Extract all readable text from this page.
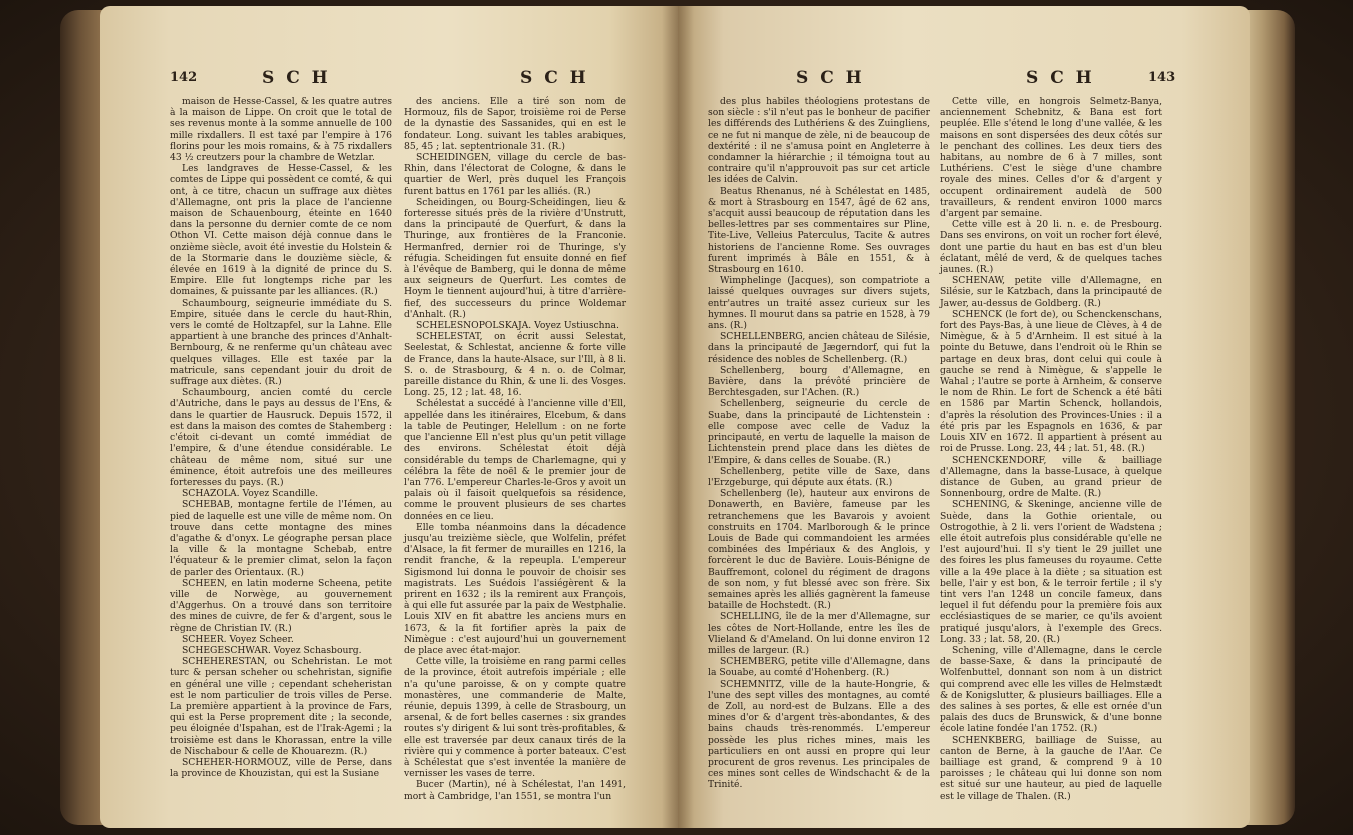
142	S C H	S C H

maison de Hesse-Cassel, & les quatre autres à la maison de Lippe. On croit que le total de ses revenus monte à la somme annuelle de 100 mille rixdallers. Il est taxé par l'empire à 176 florins pour les mois romains, & à 75 rixdallers 43 ½ creutzers pour la chambre de Wetzlar.

Les landgraves de Hesse-Cassel, & les comtes de Lippe qui possèdent ce comté, & qui ont, à ce titre, chacun un suffrage aux diètes d'Allemagne, ont pris la place de l'ancienne maison de Schauenbourg, éteinte en 1640 dans la personne du dernier comte de ce nom Othon VI. Cette maison déjà connue dans le onzième siècle, avoit été investie du Holstein & de la Stormarie dans le douzième siècle, & élevée en 1619 à la dignité de prince du S. Empire. Elle fut longtemps riche par les domaines, & puissante par les alliances. (R.)

Schaumbourg, seigneurie immédiate du S. Empire, située dans le cercle du haut-Rhin, vers le comté de Holtzapfel, sur la Lahne. Elle appartient à une branche des princes d'Anhalt-Bernbourg, & ne renferme qu'un château avec quelques villages. Elle est taxée par la matricule, sans cependant jouir du droit de suffrage aux diètes. (R.)

Schaumbourg, ancien comté du cercle d'Autriche, dans le pays au dessus de l'Ens, & dans le quartier de Hausruck. Depuis 1572, il est dans la maison des comtes de Stahemberg : c'étoit ci-devant un comté immédiat de l'empire, & d'une étendue considérable. Le château de même nom, situé sur une éminence, étoit autrefois une des meilleures forteresses du pays. (R.)

SCHAZOLA. Voyez Scandille.

SCHEBAB, montagne fertile de l'Iémen, au pied de laquelle est une ville de même nom. On trouve dans cette montagne des mines d'agathe & d'onyx. Le géographe persan place la ville & la montagne Schebab, entre l'équateur & le premier climat, selon la façon de parler des Orientaux. (R.)

SCHEEN, en latin moderne Scheena, petite ville de Norwège, au gouvernement d'Aggerhus. On a trouvé dans son territoire des mines de cuivre, de fer & d'argent, sous le règne de Christian IV. (R.)

SCHEER. Voyez Scheer.

SCHEGESCHWAR. Voyez Schasbourg.

SCHEHERESTAN, ou Schehristan. Le mot turc & persan scheher ou schehristan, signifie en général une ville ; cependant scheheristan est le nom particulier de trois villes de Perse. La première appartient à la province de Fars, qui est la Perse proprement dite ; la seconde, peu éloignée d'Ispahan, est de l'Irak-Agemi ; la troisième est dans le Khorassan, entre la ville de Nischabour & celle de Khouarezm. (R.)

SCHEHER-HORMOUZ, ville de Perse, dans la province de Khouzistan, qui est la Susiane

des anciens. Elle a tiré son nom de Hormouz, fils de Sapor, troisième roi de Perse de la dynastie des Sassanides, qui en est le fondateur. Long. suivant les tables arabiques, 85, 45 ; lat. septentrionale 31. (R.)

SCHEIDINGEN, village du cercle de bas-Rhin, dans l'électorat de Cologne, & dans le quartier de Werl, près duquel les François furent battus en 1761 par les alliés. (R.)

Scheidingen, ou Bourg-Scheidingen, lieu & forteresse situés près de la rivière d'Unstrutt, dans la principauté de Querfurt, & dans la Thuringe, aux frontières de la Franconie. Hermanfred, dernier roi de Thuringe, s'y réfugia. Scheidingen fut ensuite donné en fief à l'évêque de Bamberg, qui le donna de même aux seigneurs de Querfurt. Les comtes de Hoym le tiennent aujourd'hui, à titre d'arrière-fief, des successeurs du prince Woldemar d'Anhalt. (R.)

SCHELESNOPOLSKAJA. Voyez Ustiuschna.

SCHELESTAT, on écrit aussi Selestat, Seelestat, & Schlestat, ancienne & forte ville de France, dans la haute-Alsace, sur l'Ill, à 8 li. S. o. de Strasbourg, & 4 n. o. de Colmar, pareille distance du Rhin, & une li. des Vosges. Long. 25, 12 ; lat. 48, 16.

Schélestat a succédé à l'ancienne ville d'Ell, appellée dans les itinéraires, Elcebum, & dans la table de Peutinger, Helellum : on ne forte que l'ancienne Ell n'est plus qu'un petit village des environs. Schélestat étoit déjà considérable du temps de Charlemagne, qui y célébra la fête de noël & le premier jour de l'an 776. L'empereur Charles-le-Gros y avoit un palais où il faisoit quelquefois sa résidence, comme le prouvent plusieurs de ses chartes données en ce lieu.

Elle tomba néanmoins dans la décadence jusqu'au treizième siècle, que Wolfelin, préfet d'Alsace, la fit fermer de murailles en 1216, la rendit franche, & la repeupla. L'empereur Sigismond lui donna le pouvoir de choisir ses magistrats. Les Suédois l'assiégèrent & la prirent en 1632 ; ils la remirent aux François, à qui elle fut assurée par la paix de Westphalie. Louis XIV en fit abattre les anciens murs en 1673, & la fit fortifier après la paix de Nimègue : c'est aujourd'hui un gouvernement de place avec état-major.

Cette ville, la troisième en rang parmi celles de la province, étoit autrefois impériale ; elle n'a qu'une paroisse, & on y compte quatre monastères, une commanderie de Malte, réunie, depuis 1399, à celle de Strasbourg, un arsenal, & de fort belles casernes : six grandes routes s'y dirigent & lui sont très-profitables, & elle est traversée par deux canaux tirés de la rivière qui y commence à porter bateaux. C'est à Schélestat que s'est inventée la manière de vernisser les vases de terre.

Bucer (Martin), né à Schélestat, l'an 1491, mort à Cambridge, l'an 1551, se montra l'un

S C H	S C H	143

des plus habiles théologiens protestans de son siècle : s'il n'eut pas le bonheur de pacifier les différends des Luthériens & des Zuingliens, ce ne fut ni manque de zèle, ni de beaucoup de dextérité : il ne s'amusa point en Angleterre à condamner la hiérarchie ; il témoigna tout au contraire qu'il n'approuvoit pas sur cet article les idées de Calvin.

Beatus Rhenanus, né à Schélestat en 1485, & mort à Strasbourg en 1547, âgé de 62 ans, s'acquit aussi beaucoup de réputation dans les belles-lettres par ses commentaires sur Pline, Tite-Live, Velleius Paterculus, Tacite & autres historiens de l'ancienne Rome. Ses ouvrages furent imprimés à Bâle en 1551, & à Strasbourg en 1610.

Wimphelinge (Jacques), son compatriote a laissé quelques ouvrages sur divers sujets, entr'autres un traité assez curieux sur les hymnes. Il mourut dans sa patrie en 1528, à 79 ans. (R.)

SCHELLENBERG, ancien château de Silésie, dans la principauté de Jægerndorf, qui fut la résidence des nobles de Schellenberg. (R.)

Schellenberg, bourg d'Allemagne, en Bavière, dans la prévôté princière de Berchtesgaden, sur l'Achen. (R.)

Schellenberg, seigneurie du cercle de Suabe, dans la principauté de Lichtenstein : elle compose avec celle de Vaduz la principauté, en vertu de laquelle la maison de Lichtenstein prend place dans les diètes de l'Empire, & dans celles de Souabe. (R.)

Schellenberg, petite ville de Saxe, dans l'Erzgeburge, qui députe aux états. (R.)

Schellenberg (le), hauteur aux environs de Donawerth, en Bavière, fameuse par les retranchemens que les Bavarois y avoient construits en 1704. Marlborough & le prince Louis de Bade qui commandoient les armées combinées des Impériaux & des Anglois, y forcèrent le duc de Bavière. Louis-Bénigne de Bauffremont, colonel du régiment de dragons de son nom, y fut blessé avec son frère. Six semaines après les alliés gagnèrent la fameuse bataille de Hochstedt. (R.)

SCHELLING, île de la mer d'Allemagne, sur les côtes de Nort-Hollande, entre les îles de Vlieland & d'Ameland. On lui donne environ 12 milles de largeur. (R.)

SCHEMBERG, petite ville d'Allemagne, dans la Souabe, au comté d'Hohenberg. (R.)

SCHEMNITZ, ville de la haute-Hongrie, & l'une des sept villes des montagnes, au comté de Zoll, au nord-est de Bulzans. Elle a des mines d'or & d'argent très-abondantes, & des bains chauds très-renommés. L'empereur possède les plus riches mines, mais les particuliers en ont aussi en propre qui leur procurent de gros revenus. Les principales de ces mines sont celles de Windschacht & de la Trinité.

Cette ville, en hongrois Selmetz-Banya, anciennement Schebnitz, & Bana est fort peuplée. Elle s'étend le long d'une vallée, & les maisons en sont dispersées des deux côtés sur le penchant des collines. Les deux tiers des habitans, au nombre de 6 à 7 milles, sont Luthériens. C'est le siège d'une chambre royale des mines. Celles d'or & d'argent y occupent ordinairement audelà de 500 travailleurs, & rendent environ 1000 marcs d'argent par semaine.

Cette ville est à 20 li. n. e. de Presbourg. Dans ses environs, on voit un rocher fort élevé, dont une partie du haut en bas est d'un bleu éclatant, mêlé de verd, & de quelques taches jaunes. (R.)

SCHENAW, petite ville d'Allemagne, en Silésie, sur le Katzbach, dans la principauté de Jawer, au-dessus de Goldberg. (R.)

SCHENCK (le fort de), ou Schenckenschans, fort des Pays-Bas, à une lieue de Clèves, à 4 de Nimègue, & à 5 d'Arnheim. Il est situé à la pointe du Betuwe, dans l'endroit où le Rhin se partage en deux bras, dont celui qui coule à gauche se rend à Nimègue, & s'appelle le Wahal ; l'autre se porte à Arnheim, & conserve le nom de Rhin. Le fort de Schenck a été bâti en 1586 par Martin Schenck, hollandois, d'après la résolution des Provinces-Unies : il a été pris par les Espagnols en 1636, & par Louis XIV en 1672. Il appartient à présent au roi de Prusse. Long. 23, 44 ; lat. 51, 48. (R.)

SCHENCKENDORF, ville & bailliage d'Allemagne, dans la basse-Lusace, à quelque distance de Guben, au grand prieur de Sonnenbourg, ordre de Malte. (R.)

SCHENING, & Skeninge, ancienne ville de Suède, dans la Gothie orientale, ou Ostrogothie, à 2 li. vers l'orient de Wadstena ; elle étoit autrefois plus considérable qu'elle ne l'est aujourd'hui. Il s'y tient le 29 juillet une des foires les plus fameuses du royaume. Cette ville a la 49e place à la diète ; sa situation est belle, l'air y est bon, & le terroir fertile ; il s'y tint vers l'an 1248 un concile fameux, dans lequel il fut défendu pour la première fois aux ecclésiastiques de se marier, ce qu'ils avoient pratiqué jusqu'alors, à l'exemple des Grecs. Long. 33 ; lat. 58, 20. (R.)

Schening, ville d'Allemagne, dans le cercle de basse-Saxe, & dans la principauté de Wolfenbuttel, donnant son nom à un district qui comprend avec elle les villes de Helmstædt & de Konigslutter, & plusieurs bailliages. Elle a des salines à ses portes, & elle est ornée d'un palais des ducs de Brunswick, & d'une bonne école latine fondée l'an 1752. (R.)

SCHENKBERG, bailliage de Suisse, au canton de Berne, à la gauche de l'Aar. Ce bailliage est grand, & comprend 9 à 10 paroisses ; le château qui lui donne son nom est situé sur une hauteur, au pied de laquelle est le village de Thalen. (R.)
